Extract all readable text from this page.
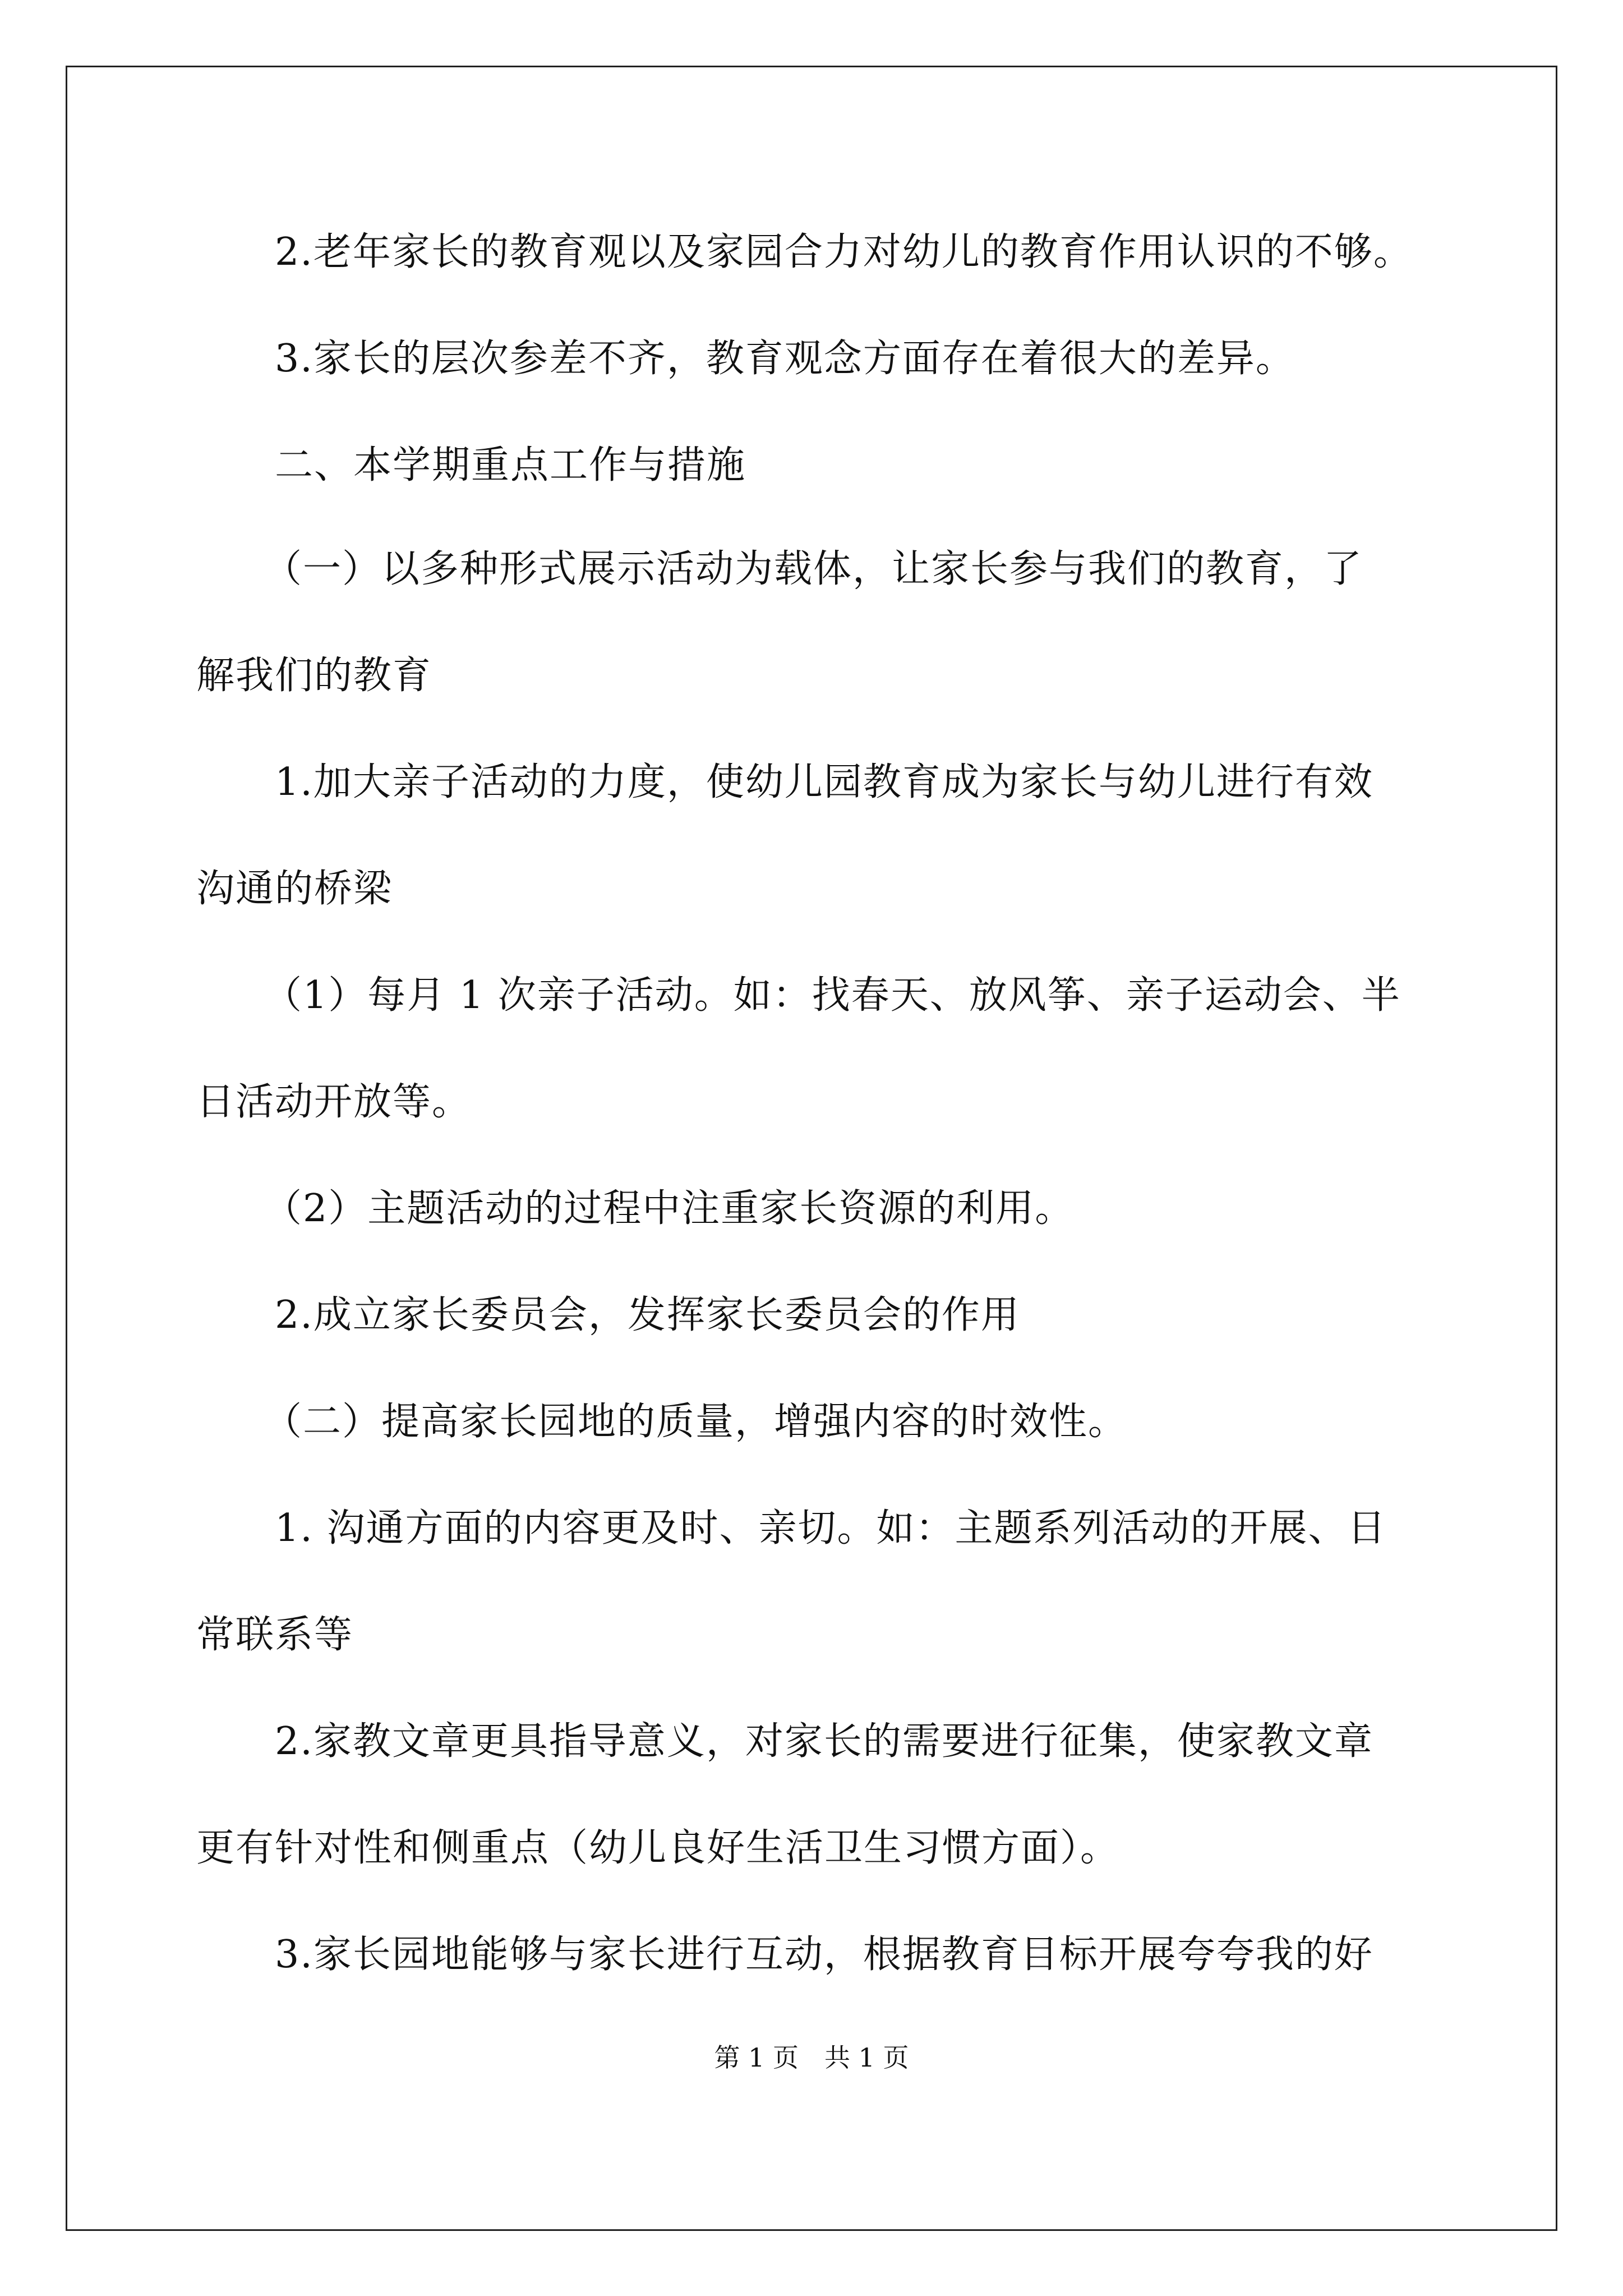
2.老年家长的教育观以及家园合力对幼儿的教育作用认识的不够。
3.家长的层次参差不齐，教育观念方面存在着很大的差异。
二、本学期重点工作与措施
（一）以多种形式展示活动为载体，让家长参与我们的教育，了
解我们的教育
1.加大亲子活动的力度，使幼儿园教育成为家长与幼儿进行有效
沟通的桥梁
（1）每月 1 次亲子活动。如：找春天、放风筝、亲子运动会、半
日活动开放等。
（2）主题活动的过程中注重家长资源的利用。
2.成立家长委员会，发挥家长委员会的作用
（二）提高家长园地的质量，增强内容的时效性。
1. 沟通方面的内容更及时、亲切。如：主题系列活动的开展、日
常联系等
2.家教文章更具指导意义，对家长的需要进行征集，使家教文章
更有针对性和侧重点（幼儿良好生活卫生习惯方面）。
3.家长园地能够与家长进行互动，根据教育目标开展夸夸我的好
第 1 页　共 1 页
